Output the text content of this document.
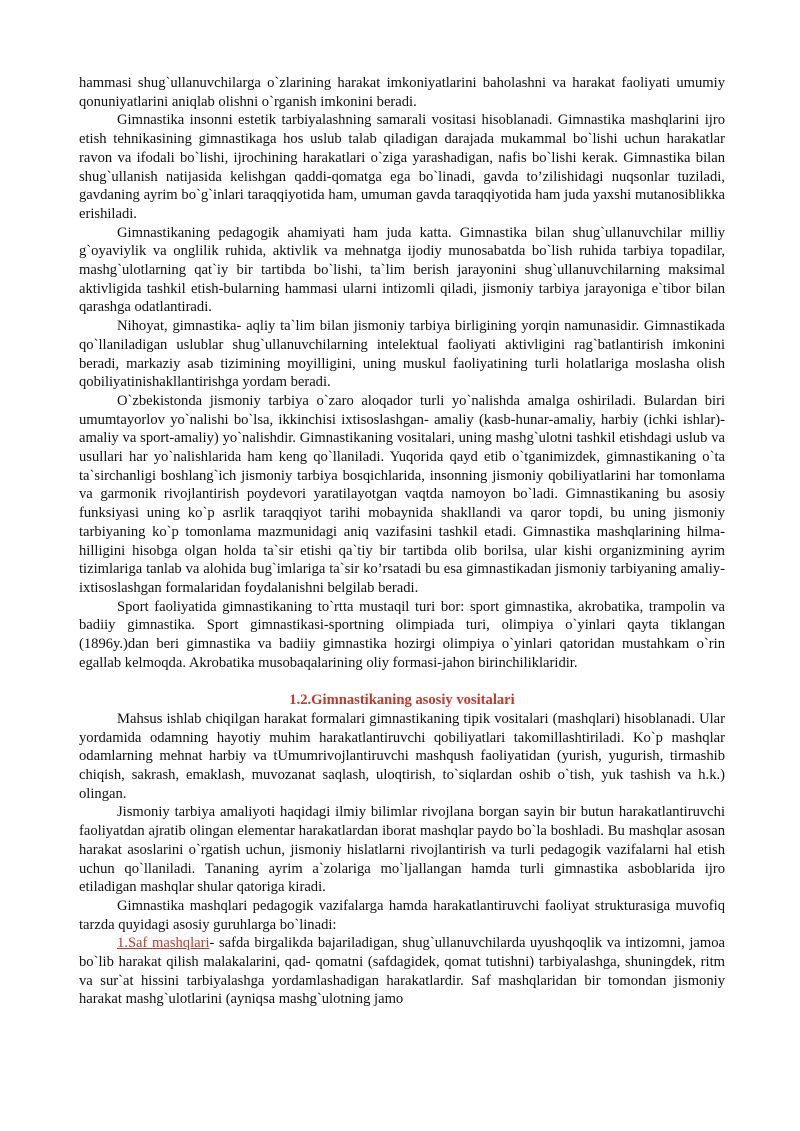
hammasi shug`ullanuvchilarga o`zlarining harakat imkoniyatlarini baholashni va harakat faoliyati umumiy qonuniyatlarini aniqlab olishni o`rganish imkonini beradi.

Gimnastika insonni estetik tarbiyalashning samarali vositasi hisoblanadi. Gimnastika mashqlarini ijro etish tehnikasining gimnastikaga hos uslub talab qiladigan darajada mukammal bo`lishi uchun harakatlar ravon va ifodali bo`lishi, ijrochining harakatlari o`ziga yarashadigan, nafis bo`lishi kerak. Gimnastika bilan shug`ullanish natijasida kelishgan qaddi-qomatga ega bo`linadi, gavda to’zilishidagi nuqsonlar tuziladi, gavdaning ayrim bo`g`inlari taraqqiyotida ham, umuman gavda taraqqiyotida ham juda yaxshi mutanosiblikka erishiladi.

Gimnastikaning pedagogik ahamiyati ham juda katta. Gimnastika bilan shug`ullanuvchilar milliy g`oyaviylik va onglilik ruhida, aktivlik va mehnatga ijodiy munosabatda bo`lish ruhida tarbiya topadilar, mashg`ulotlarning qat`iy bir tartibda bo`lishi, ta`lim berish jarayonini shug`ullanuvchilarning maksimal aktivligida tashkil etish-bularning hammasi ularni intizomli qiladi, jismoniy tarbiya jarayoniga e`tibor bilan qarashga odatlantiradi.

Nihoyat, gimnastika- aqliy ta`lim bilan jismoniy tarbiya birligining yorqin namunasidir. Gimnastikada qo`llaniladigan uslublar shug`ullanuvchilarning intelektual faoliyati aktivligini rag`batlantirish imkonini beradi, markaziy asab tizimining moyilligini, uning muskul faoliyatining turli holatlariga moslasha olish qobiliyatinishakllantirishga yordam beradi.

O`zbekistonda jismoniy tarbiya o`zaro aloqador turli yo`nalishda amalga oshiriladi. Bulardan biri umumtayorlov yo`nalishi bo`lsa, ikkinchisi ixtisoslashgan- amaliy (kasb-hunar-amaliy, harbiy (ichki ishlar)-amaliy va sport-amaliy) yo`nalishdir. Gimnastikaning vositalari, uning mashg`ulotni tashkil etishdagi uslub va usullari har yo`nalishlarida ham keng qo`llaniladi. Yuqorida qayd etib o`tganimizdek, gimnastikaning o`ta ta`sirchanligi boshlang`ich jismoniy tarbiya bosqichlarida, insonning jismoniy qobiliyatlarini har tomonlama va garmonik rivojlantirish poydevori yaratilayotgan vaqtda namoyon bo`ladi. Gimnastikaning bu asosiy funksiyasi uning ko`p asrlik taraqqiyot tarihi mobaynida shakllandi va qaror topdi, bu uning jismoniy tarbiyaning ko`p tomonlama mazmunidagi aniq vazifasini tashkil etadi. Gimnastika mashqlarining hilma-hilligini hisobga olgan holda ta`sir etishi qa`tiy bir tartibda olib borilsa, ular kishi organizmining ayrim tizimlariga tanlab va alohida bug`imlariga ta`sir ko’rsatadi bu esa gimnastikadan jismoniy tarbiyaning amaliy-ixtisoslashgan formalaridan foydalanishni belgilab beradi.

Sport faoliyatida gimnastikaning to`rtta mustaqil turi bor: sport gimnastika, akrobatika, trampolin va badiiy gimnastika. Sport gimnastikasi-sportning olimpiada turi, olimpiya o`yinlari qayta tiklangan (1896y.)dan beri gimnastika va badiiy gimnastika hozirgi olimpiya o`yinlari qatoridan mustahkam o`rin egallab kelmoqda. Akrobatika musobaqalarining oliy formasi-jahon birinchiliklaridir.

1.2.Gimnastikaning asosiy vositalari

Mahsus ishlab chiqilgan harakat formalari gimnastikaning tipik vositalari (mashqlari) hisoblanadi. Ular yordamida odamning hayotiy muhim harakatlantiruvchi qobiliyatlari takomillashtiriladi. Ko`p mashqlar odamlarning mehnat harbiy va tUmumrivojlantiruvchi mashqush faoliyatidan (yurish, yugurish, tirmashib chiqish, sakrash, emaklash, muvozanat saqlash, uloqtirish, to`siqlardan oshib o`tish, yuk tashish va h.k.) olingan.

Jismoniy tarbiya amaliyoti haqidagi ilmiy bilimlar rivojlana borgan sayin bir butun harakatlantiruvchi faoliyatdan ajratib olingan elementar harakatlardan iborat mashqlar paydo bo`la boshladi. Bu mashqlar asosan harakat asoslarini o`rgatish uchun, jismoniy hislatlarni rivojlantirish va turli pedagogik vazifalarni hal etish uchun qo`llaniladi. Tananing ayrim a`zolariga mo`ljallangan hamda turli gimnastika asboblarida ijro etiladigan mashqlar shular qatoriga kiradi.

Gimnastika mashqlari pedagogik vazifalarga hamda harakatlantiruvchi faoliyat strukturasiga muvofiq tarzda quyidagi asosiy guruhlarga bo`linadi:

1.Saf mashqlari- safda birgalikda bajariladigan, shug`ullanuvchilarda uyushqoqlik va intizomni, jamoa bo`lib harakat qilish malakalarini, qad- qomatni (safdagidek, qomat tutishni) tarbiyalashga, shuningdek, ritm va sur`at hissini tarbiyalashga yordamlashadigan harakatlardir. Saf mashqlaridan bir tomondan jismoniy harakat mashg`ulotlarini (ayniqsa mashg`ulotning jamo
